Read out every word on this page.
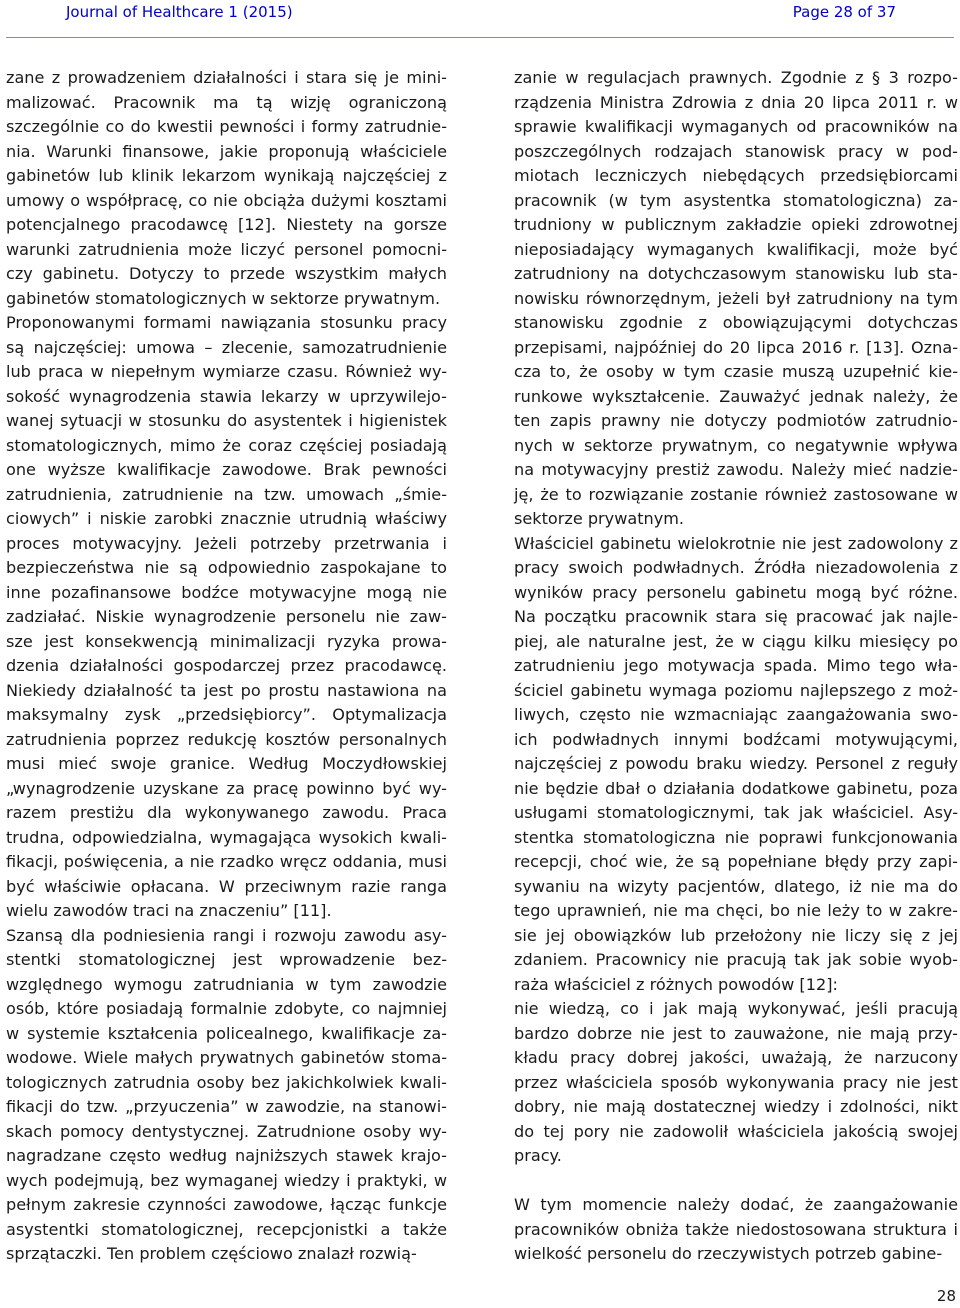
Journal of Healthcare 1 (2015)	Page 28 of 37
zane z prowadzeniem działalności i stara się je mini-
malizować. Pracownik ma tą wizję ograniczoną
szczególnie co do kwestii pewności i formy zatrudnie-
nia. Warunki finansowe, jakie proponują właściciele
gabinetów lub klinik lekarzom wynikają najczęściej z
umowy o współpracę, co nie obciąża dużymi kosztami
potencjalnego pracodawcę [12]. Niestety na gorsze
warunki zatrudnienia może liczyć personel pomocni-
czy gabinetu. Dotyczy to przede wszystkim małych
gabinetów stomatologicznych w sektorze prywatnym.
Proponowanymi formami nawiązania stosunku pracy
są najczęściej: umowa – zlecenie, samozatrudnienie
lub praca w niepełnym wymiarze czasu. Również wy-
sokość wynagrodzenia stawia lekarzy w uprzywilejo-
wanej sytuacji w stosunku do asystentek i higienistek
stomatologicznych, mimo że coraz częściej posiadają
one wyższe kwalifikacje zawodowe. Brak pewności
zatrudnienia, zatrudnienie na tzw. umowach „śmie-
ciowych” i niskie zarobki znacznie utrudnią właściwy
proces motywacyjny. Jeżeli potrzeby przetrwania i
bezpieczeństwa nie są odpowiednio zaspokajane to
inne pozafinansowe bodźce motywacyjne mogą nie
zadziałać. Niskie wynagrodzenie personelu nie zaw-
sze jest konsekwencją minimalizacji ryzyka prowa-
dzenia działalności gospodarczej przez pracodawcę.
Niekiedy działalność ta jest po prostu nastawiona na
maksymalny zysk „przedsiębiorcy”. Optymalizacja
zatrudnienia poprzez redukcję kosztów personalnych
musi mieć swoje granice. Według Moczydłowskiej
„wynagrodzenie uzyskane za pracę powinno być wy-
razem prestiżu dla wykonywanego zawodu. Praca
trudna, odpowiedzialna, wymagająca wysokich kwali-
fikacji, poświęcenia, a nie rzadko wręcz oddania, musi
być właściwie opłacana. W przeciwnym razie ranga
wielu zawodów traci na znaczeniu” [11].
Szansą dla podniesienia rangi i rozwoju zawodu asy-
stentki stomatologicznej jest wprowadzenie bez-
względnego wymogu zatrudniania w tym zawodzie
osób, które posiadają formalnie zdobyte, co najmniej
w systemie kształcenia policealnego, kwalifikacje za-
wodowe. Wiele małych prywatnych gabinetów stoma-
tologicznych zatrudnia osoby bez jakichkolwiek kwali-
fikacji do tzw. „przyuczenia” w zawodzie, na stanowi-
skach pomocy dentystycznej. Zatrudnione osoby wy-
nagradzane często według najniższych stawek krajo-
wych podejmują, bez wymaganej wiedzy i praktyki, w
pełnym zakresie czynności zawodowe, łącząc funkcje
asystentki stomatologicznej, recepcjonistki a także
sprzątaczki. Ten problem częściowo znalazł rozwią-
zanie w regulacjach prawnych. Zgodnie z § 3 rozpo-
rządzenia Ministra Zdrowia z dnia 20 lipca 2011 r. w
sprawie kwalifikacji wymaganych od pracowników na
poszczególnych rodzajach stanowisk pracy w pod-
miotach leczniczych niebędących przedsiębiorcami
pracownik (w tym asystentka stomatologiczna) za-
trudniony w publicznym zakładzie opieki zdrowotnej
nieposiadający wymaganych kwalifikacji, może być
zatrudniony na dotychczasowym stanowisku lub sta-
nowisku równorzędnym, jeżeli był zatrudniony na tym
stanowisku zgodnie z obowiązującymi dotychczas
przepisami, najpóźniej do 20 lipca 2016 r. [13]. Ozna-
cza to, że osoby w tym czasie muszą uzupełnić kie-
runkowe wykształcenie. Zauważyć jednak należy, że
ten zapis prawny nie dotyczy podmiotów zatrudnio-
nych w sektorze prywatnym, co negatywnie wpływa
na motywacyjny prestiż zawodu. Należy mieć nadzie-
ję, że to rozwiązanie zostanie również zastosowane w
sektorze prywatnym.
Właściciel gabinetu wielokrotnie nie jest zadowolony z
pracy swoich podwładnych. Źródła niezadowolenia z
wyników pracy personelu gabinetu mogą być różne.
Na początku pracownik stara się pracować jak najle-
piej, ale naturalne jest, że w ciągu kilku miesięcy po
zatrudnieniu jego motywacja spada. Mimo tego wła-
ściciel gabinetu wymaga poziomu najlepszego z moż-
liwych, często nie wzmacniając zaangażowania swo-
ich podwładnych innymi bodźcami motywującymi,
najczęściej z powodu braku wiedzy. Personel z reguły
nie będzie dbał o działania dodatkowe gabinetu, poza
usługami stomatologicznymi, tak jak właściciel. Asy-
stentka stomatologiczna nie poprawi funkcjonowania
recepcji, choć wie, że są popełniane błędy przy zapi-
sywaniu na wizyty pacjentów, dlatego, iż nie ma do
tego uprawnień, nie ma chęci, bo nie leży to w zakre-
sie jej obowiązków lub przełożony nie liczy się z jej
zdaniem. Pracownicy nie pracują tak jak sobie wyob-
raża właściciel z różnych powodów [12]:
nie wiedzą, co i jak mają wykonywać, jeśli pracują
bardzo dobrze nie jest to zauważone, nie mają przy-
kładu pracy dobrej jakości, uważają, że narzucony
przez właściciela sposób wykonywania pracy nie jest
dobry, nie mają dostatecznej wiedzy i zdolności, nikt
do tej pory nie zadowolił właściciela jakością swojej
pracy.
W tym momencie należy dodać, że zaangażowanie
pracowników obniża także niedostosowana struktura i
wielkość personelu do rzeczywistych potrzeb gabine-
28
